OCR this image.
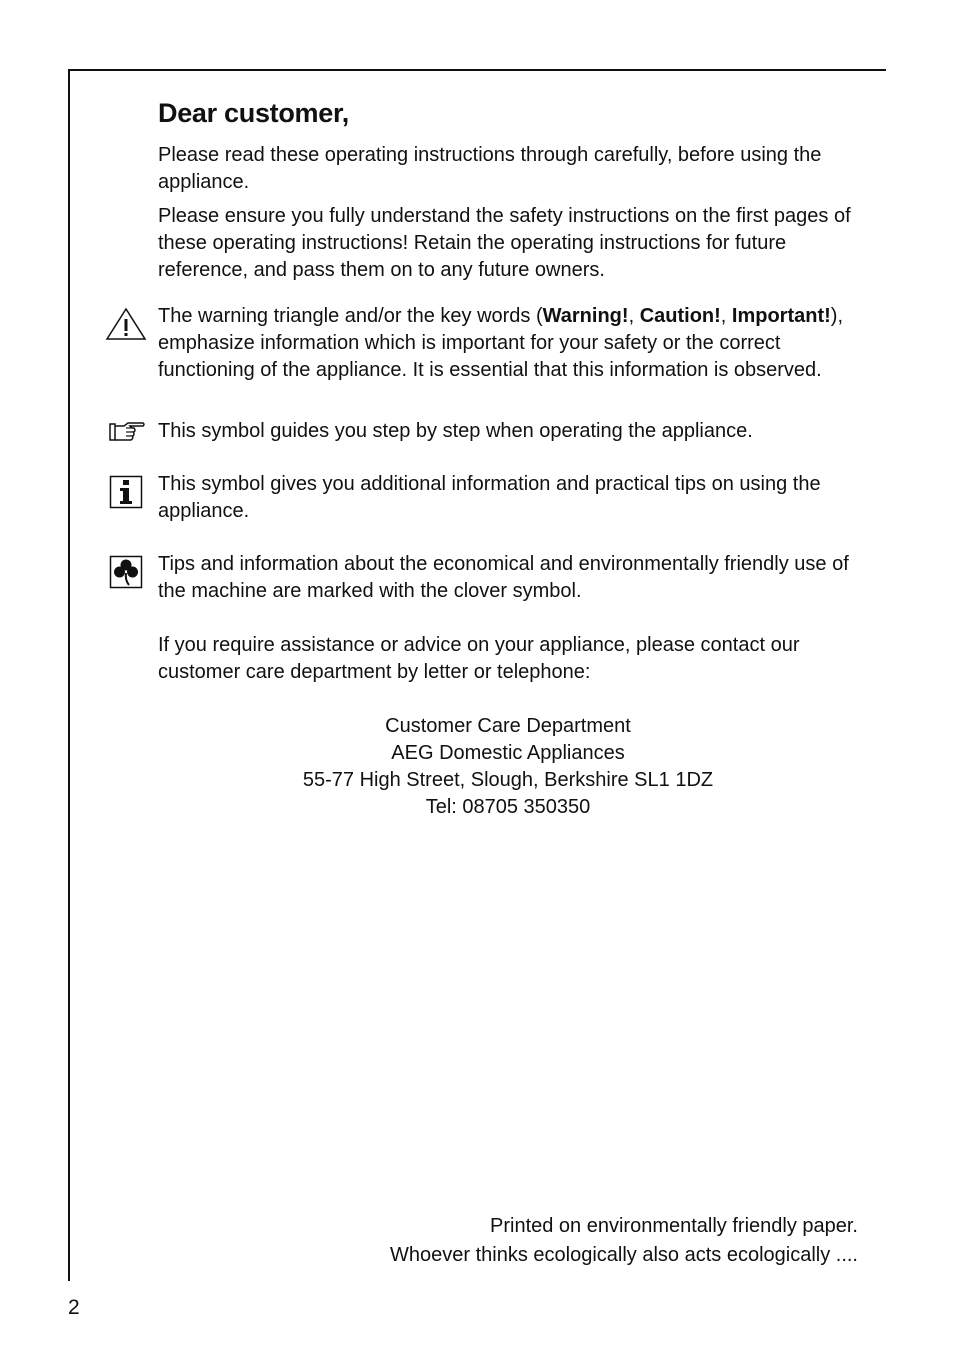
Dear customer,

Please read these operating instructions through carefully, before using the appliance.

Please ensure you fully understand the safety instructions on the first pages of these operating instructions! Retain the operating instructions for future reference, and pass them on to any future owners.

The warning triangle and/or the key words (Warning!, Caution!, Important!), emphasize information which is important for your safety or the correct functioning of the appliance. It is essential that this information is observed.

This symbol guides you step by step when operating the appliance.

This symbol gives you additional information and practical tips on using the appliance.

Tips and information about the economical and environmentally friendly use of the machine are marked with the clover symbol.

If you require assistance or advice on your appliance, please contact our customer care department by letter or telephone:

Customer Care Department

AEG Domestic Appliances

55-77 High Street, Slough, Berkshire SL1 1DZ

Tel: 08705 350350

Printed on environmentally friendly paper.

Whoever thinks ecologically also acts ecologically ....

2
